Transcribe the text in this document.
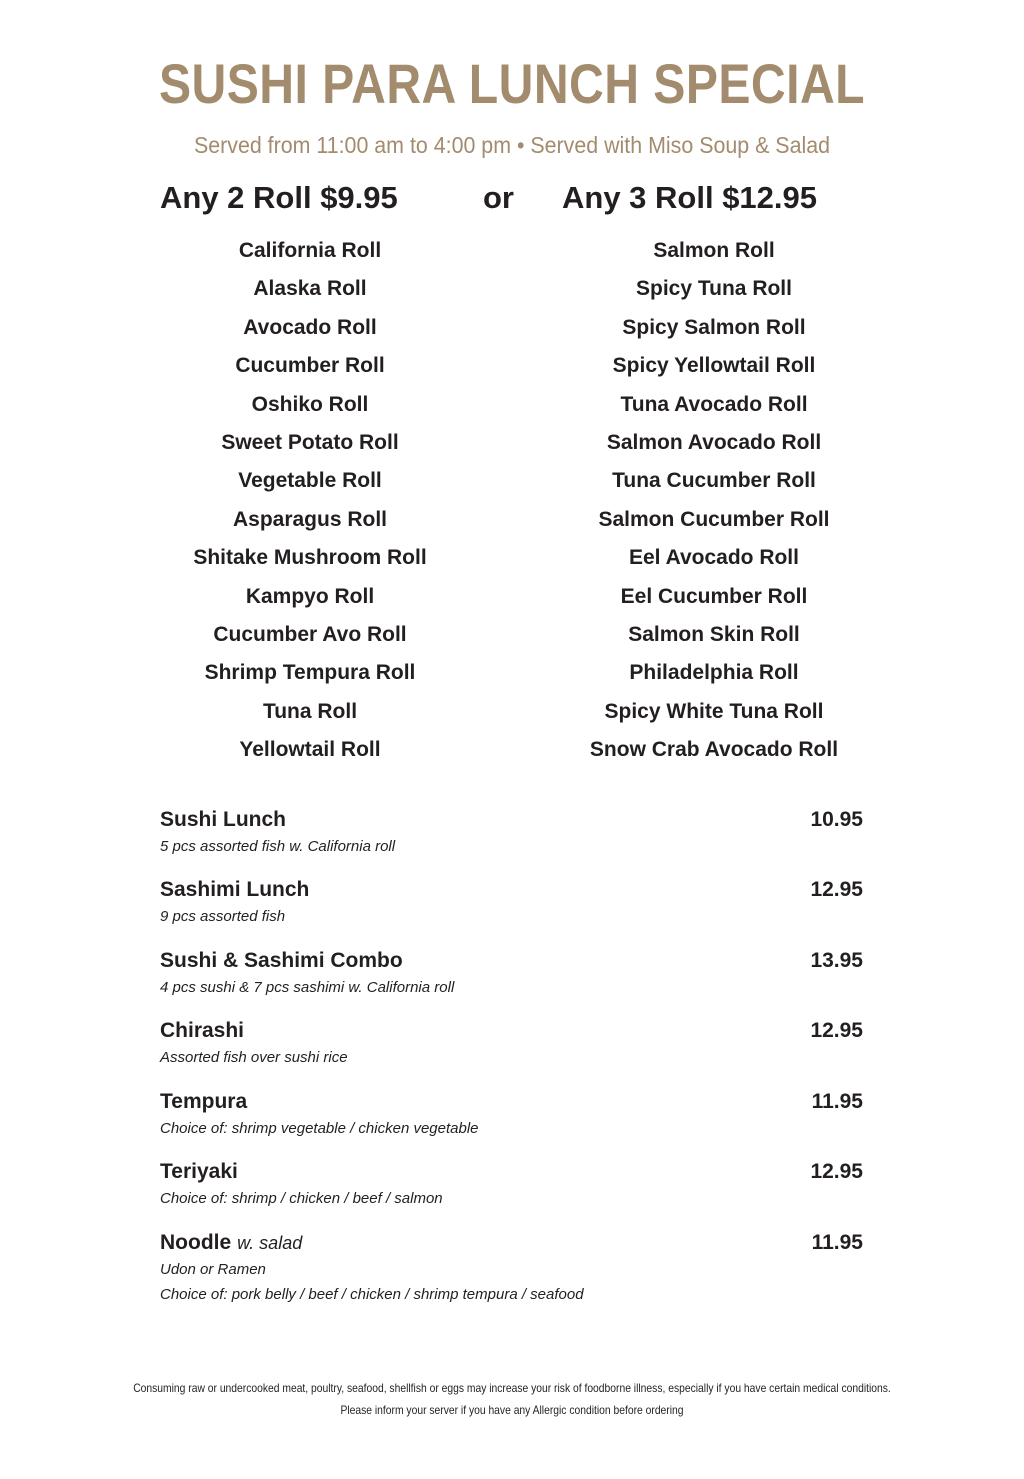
SUSHI PARA LUNCH SPECIAL
Served from 11:00 am to 4:00 pm • Served with Miso Soup & Salad
Any 2 Roll $9.95	or Any 3 Roll $12.95
California Roll
Alaska Roll
Avocado Roll
Cucumber Roll
Oshiko Roll
Sweet Potato Roll
Vegetable Roll
Asparagus Roll
Shitake Mushroom Roll
Kampyo Roll
Cucumber Avo Roll
Shrimp Tempura Roll
Tuna Roll
Yellowtail Roll
Salmon Roll
Spicy Tuna Roll
Spicy Salmon Roll
Spicy Yellowtail Roll
Tuna Avocado Roll
Salmon Avocado Roll
Tuna Cucumber Roll
Salmon Cucumber Roll
Eel Avocado Roll
Eel Cucumber Roll
Salmon Skin Roll
Philadelphia Roll
Spicy White Tuna Roll
Snow Crab Avocado Roll
Sushi Lunch	10.95
5 pcs assorted fish w. California roll
Sashimi Lunch	12.95
9 pcs assorted fish
Sushi & Sashimi Combo	13.95
4 pcs sushi & 7 pcs sashimi w. California roll
Chirashi	12.95
Assorted fish over sushi rice
Tempura	11.95
Choice of: shrimp vegetable / chicken vegetable
Teriyaki	12.95
Choice of: shrimp / chicken / beef / salmon
Noodle w. salad	11.95
Udon or Ramen
Choice of: pork belly / beef / chicken / shrimp tempura / seafood
Consuming raw or undercooked meat, poultry, seafood, shellfish or eggs may increase your risk of foodborne illness, especially if you have certain medical conditions.
Please inform your server if you have any Allergic condition before ordering
